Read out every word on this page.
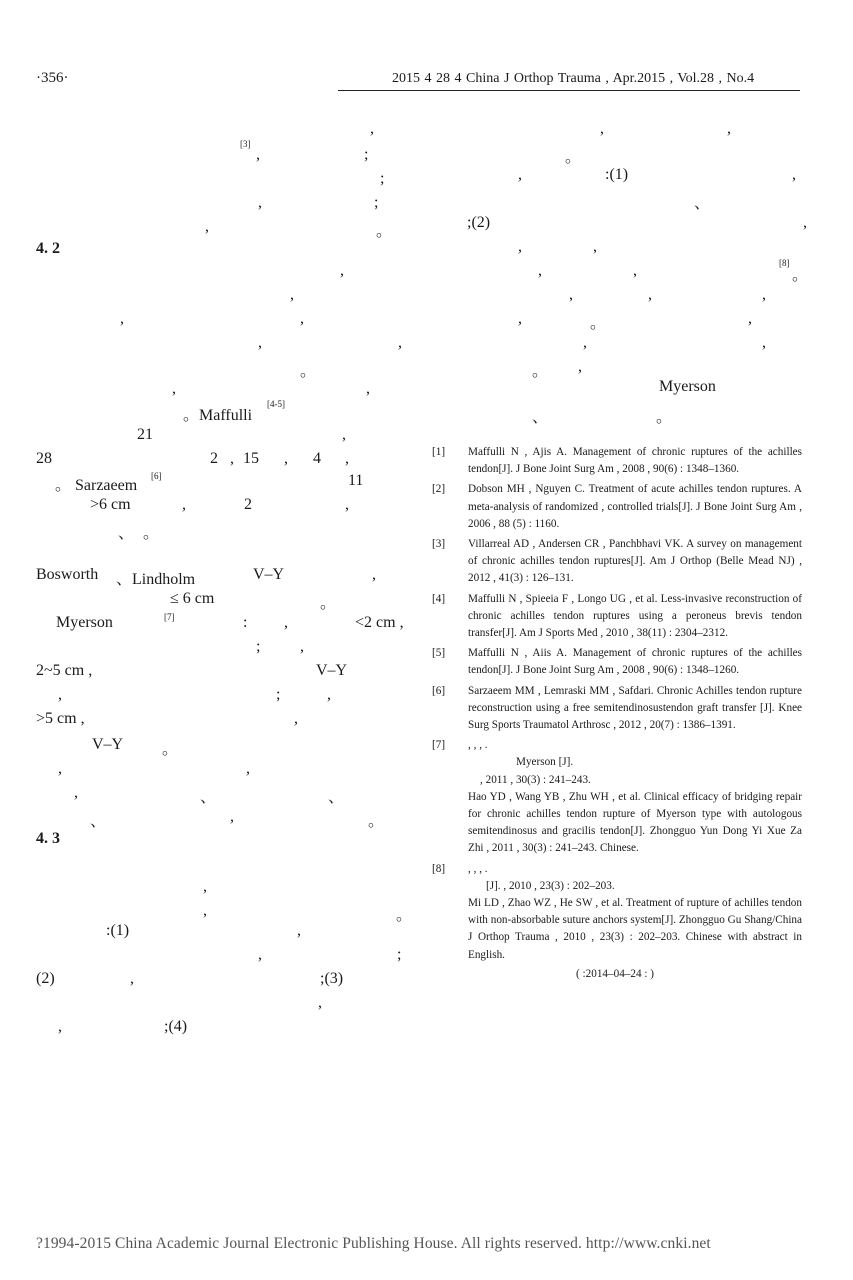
·356·	2015 4 28 4 China J Orthop Trauma , Apr.2015 , Vol.28 , No.4
,
[3]
,	;
;
,	;
,	。
4. 2
,
,
,	,
,	,
。
,	,
。Maffulli
[4-5]
21	,
28	2 , 15 , 4 ,
。 Sarzaeem
[6]	11
>6 cm	,	2	,
、 。
Bosworth 、Lindholm	V–Y	,
≤ 6 cm	。
Myerson	[7]	: ,	<2 cm ,
; ,
2~5 cm ,	V–Y
,	;	,
>5 cm ,	,
V–Y 。
,	,
,	、	、
、	,	。
4. 3
,
,	。
:(1)	,
,	;
(2)	,	;(3)
,
,	;(4)
,	,
。
,	:(1)	,
、
;(2)	,
,	,
,	,	[8]
。
,	,	,
,	。	,
,	,
。 ,
Myerson
、	。
[1]	Maffulli N , Ajis A. Management of chronic ruptures of the achilles tendon[J]. J Bone Joint Surg Am , 2008 , 90(6) : 1348–1360.
[2]	Dobson MH , Nguyen C. Treatment of acute achilles tendon ruptures. A meta-analysis of randomized , controlled trials[J]. J Bone Joint Surg Am , 2006 , 88 (5) : 1160.
[3]	Villarreal AD , Andersen CR , Panchbhavi VK. A survey on management of chronic achilles tendon ruptures[J]. Am J Orthop (Belle Mead NJ) , 2012 , 41(3) : 126–131.
[4]	Maffulli N , Spieeia F , Longo UG , et al. Less-invasive reconstruction of chronic achilles tendon ruptures using a peroneus brevis tendon transfer[J]. Am J Sports Med , 2010 , 38(11) : 2304–2312.
[5]	Maffulli N , Aiis A. Management of chronic ruptures of the achilles tendon[J]. J Bone Joint Surg Am , 2008 , 90(6) : 1348–1260.
[6]	Sarzaeem MM , Lemraski MM , Safdari. Chronic Achilles tendon rupture reconstruction using a free semitendinosustendon graft transfer [J]. Knee Surg Sports Traumatol Arthrosc , 2012 , 20(7) : 1386–1391.
[7]	, , , .
Myerson [J].
, 2011 , 30(3) : 241–243.
Hao YD , Wang YB , Zhu WH , et al. Clinical efficacy of bridging repair for chronic achilles tendon rupture of Myerson type with autologous semitendinosus and gracilis tendon[J]. Zhongguo Yun Dong Yi Xue Za Zhi , 2011 , 30(3) : 241–243. Chinese.
[8]	, , , .
[J]. , 2010 , 23(3) : 202–203.
Mi LD , Zhao WZ , He SW , et al. Treatment of rupture of achilles tendon with non-absorbable suture anchors system[J]. Zhongguo Gu Shang/China J Orthop Trauma , 2010 , 23(3) : 202–203. Chinese with abstract in English.
( :2014–04–24 : )
?1994-2015 China Academic Journal Electronic Publishing House. All rights reserved. http://www.cnki.net
